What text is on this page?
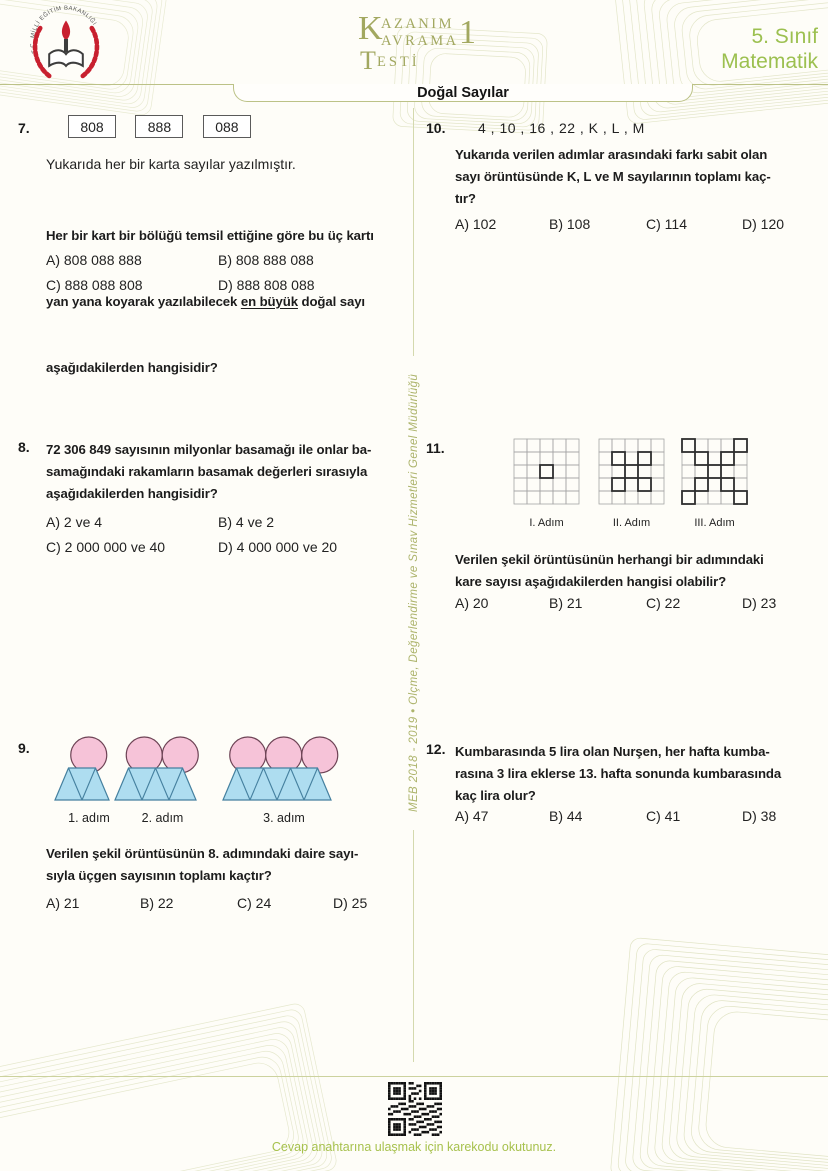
T.C. MİLLİ EĞİTİM BAKANLIĞI	K
AZANIM
AVRAMA
T ESTİ
1	5. Sınıf
Matematik
Doğal Sayılar
MEB 2018 - 2019 • Ölçme, Değerlendirme ve Sınav Hizmetleri Genel Müdürlüğü
7.	808	888	088
Yukarıda her bir karta sayılar yazılmıştır.

Her bir kart bir bölüğü temsil ettiğine göre bu üç kartı

yan yana koyarak yazılabilecek en büyük doğal sayı

aşağıdakilerden hangisidir?

A) 808 088 888	B) 808 888 088
C) 888 088 808	D) 888 808 088
8. 72 306 849 sayısının milyonlar basamağı ile onlar ba-
samağındaki rakamların basamak değerleri sırasıyla
aşağıdakilerden hangisidir?
A) 2 ve 4	B) 4 ve 2
C) 2 000 000 ve 40	D) 4 000 000 ve 20
9.
1. adım	2. adım	3. adım
Verilen şekil örüntüsünün 8. adımındaki daire sayı-
sıyla üçgen sayısının toplamı kaçtır?
A) 21	B) 22	C) 24	D) 25
10. 4 , 10 , 16 , 22 , K , L , M
Yukarıda verilen adımlar arasındaki farkı sabit olan
sayı örüntüsünde K, L ve M sayılarının toplamı kaç-
tır?
A) 102	B) 108	C) 114	D) 120
11.
I. Adım	II. Adım	III. Adım
Verilen şekil örüntüsünün herhangi bir adımındaki
kare sayısı aşağıdakilerden hangisi olabilir?
A) 20	B) 21	C) 22	D) 23
12. Kumbarasında 5 lira olan Nurşen, her hafta kumba-
rasına 3 lira eklerse 13. hafta sonunda kumbarasında
kaç lira olur?
A) 47	B) 44	C) 41	D) 38
Cevap anahtarına ulaşmak için karekodu okutunuz.
